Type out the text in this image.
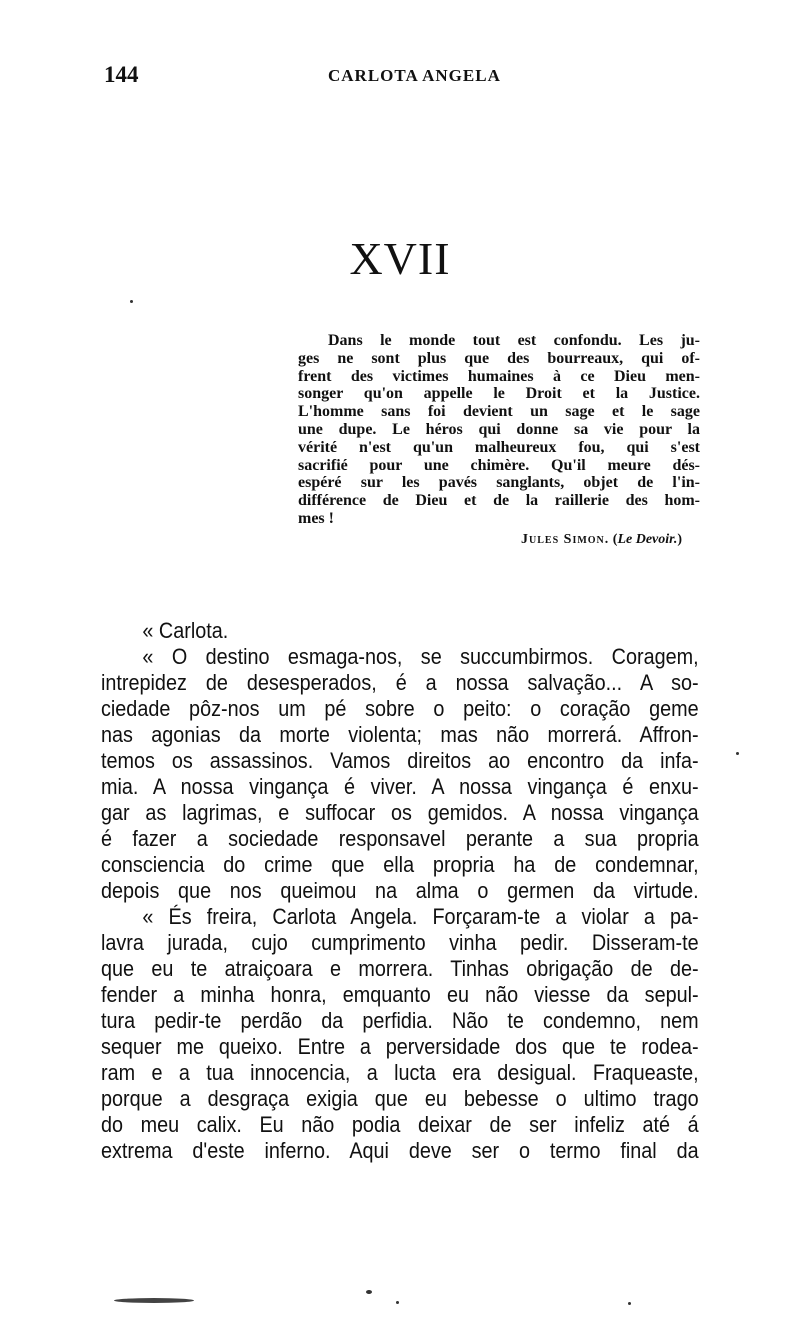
144	CARLOTA ANGELA
XVII
Dans le monde tout est confondu. Les ju-
ges ne sont plus que des bourreaux, qui of-
frent des victimes humaines à ce Dieu men-
songer qu'on appelle le Droit et la Justice.
L'homme sans foi devient un sage et le sage
une dupe. Le héros qui donne sa vie pour la
vérité n'est qu'un malheureux fou, qui s'est
sacrifié pour une chimère. Qu'il meure dés-
espéré sur les pavés sanglants, objet de l'in-
différence de Dieu et de la raillerie des hom-
mes !
Jules Simon. (Le Devoir.)
« Carlota.
« O destino esmaga-nos, se succumbirmos. Coragem,
intrepidez de desesperados, é a nossa salvação... A so-
ciedade pôz-nos um pé sobre o peito: o coração geme
nas agonias da morte violenta; mas não morrerá. Affron-
temos os assassinos. Vamos direitos ao encontro da infa-
mia. A nossa vingança é viver. A nossa vingança é enxu-
gar as lagrimas, e suffocar os gemidos. A nossa vingança
é fazer a sociedade responsavel perante a sua propria
consciencia do crime que ella propria ha de condemnar,
depois que nos queimou na alma o germen da virtude.
« És freira, Carlota Angela. Forçaram-te a violar a pa-
lavra jurada, cujo cumprimento vinha pedir. Disseram-te
que eu te atraiçoara e morrera. Tinhas obrigação de de-
fender a minha honra, emquanto eu não viesse da sepul-
tura pedir-te perdão da perfidia. Não te condemno, nem
sequer me queixo. Entre a perversidade dos que te rodea-
ram e a tua innocencia, a lucta era desigual. Fraqueaste,
porque a desgraça exigia que eu bebesse o ultimo trago
do meu calix. Eu não podia deixar de ser infeliz até á
extrema d'este inferno. Aqui deve ser o termo final da
